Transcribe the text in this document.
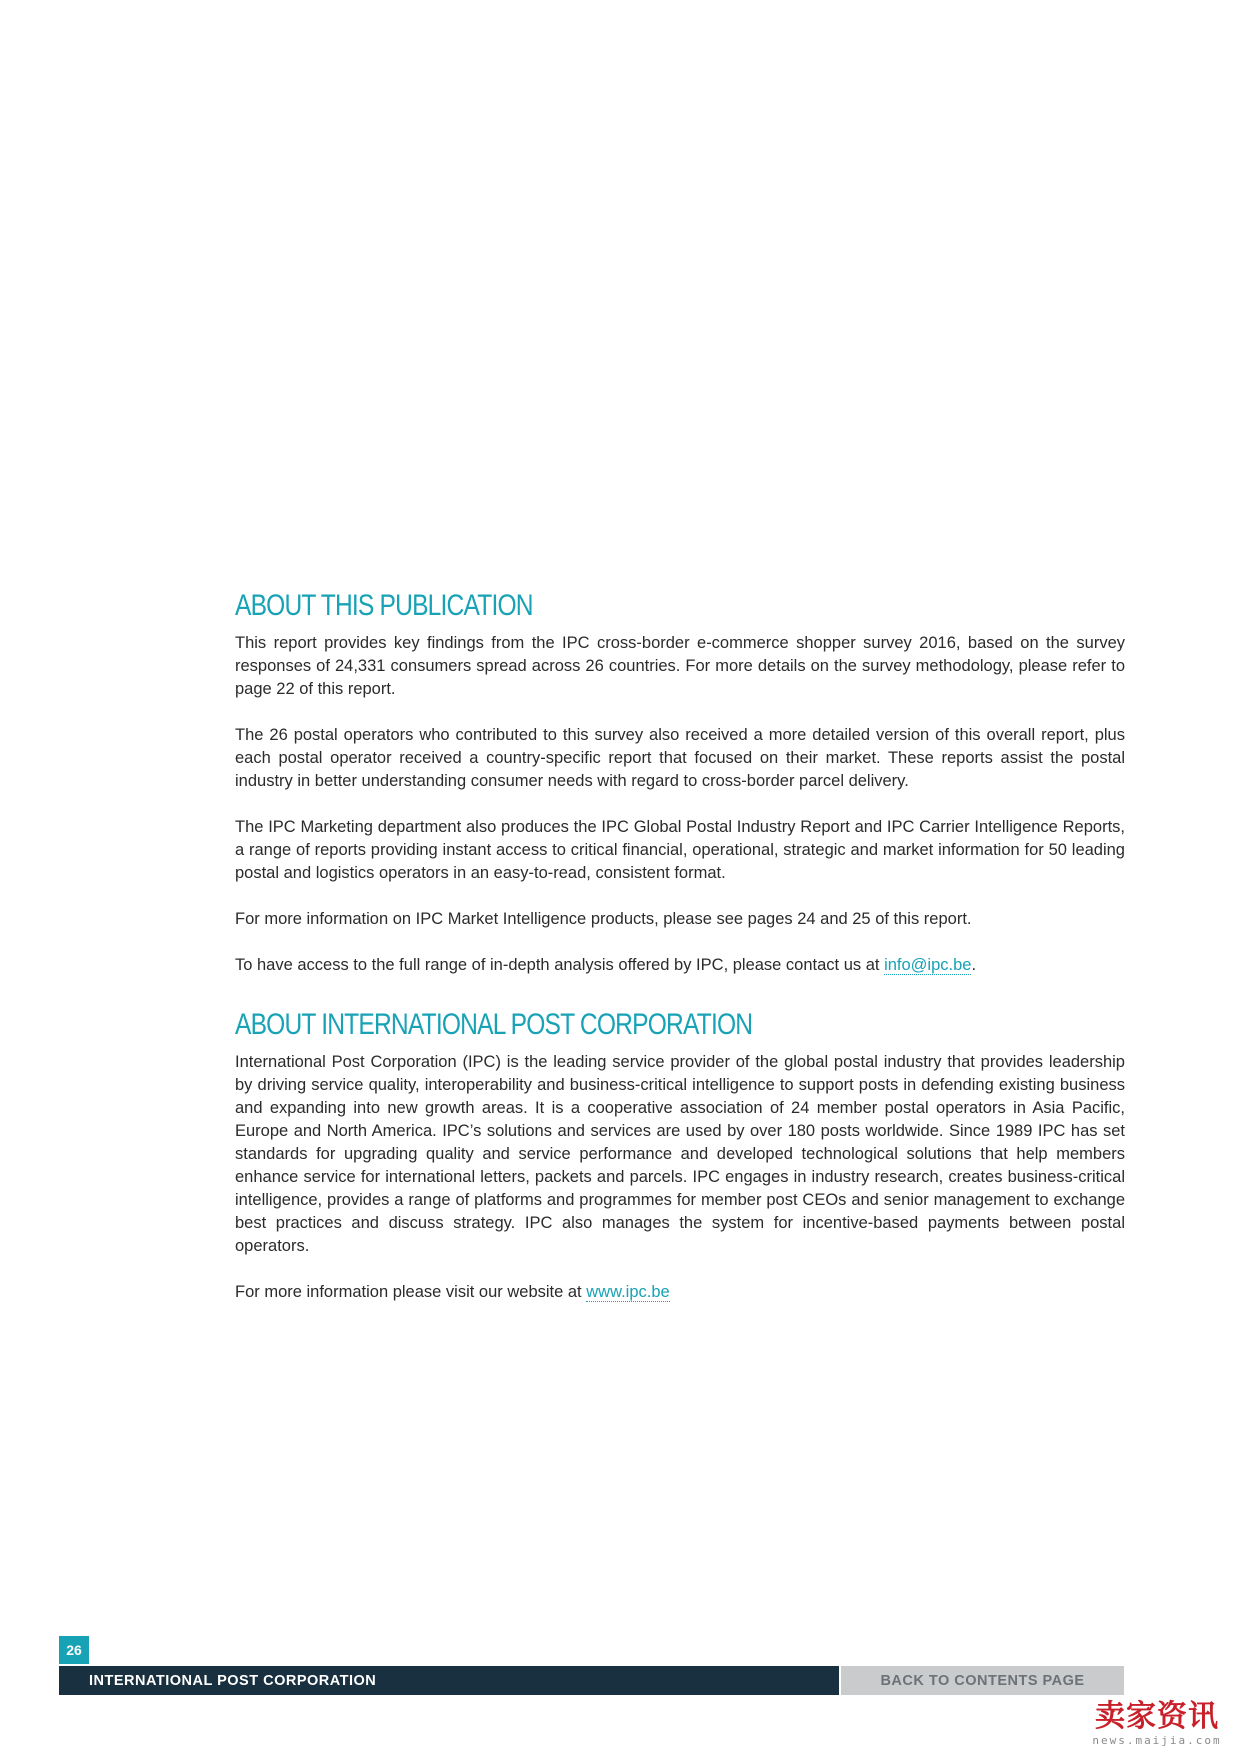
ABOUT THIS PUBLICATION

This report provides key findings from the IPC cross-border e-commerce shopper survey 2016, based on the survey responses of 24,331 consumers spread across 26 countries. For more details on the survey methodology, please refer to page 22 of this report.

The 26 postal operators who contributed to this survey also received a more detailed version of this overall report, plus each postal operator received a country-specific report that focused on their market. These reports assist the postal industry in better understanding consumer needs with regard to cross-border parcel delivery.

The IPC Marketing department also produces the IPC Global Postal Industry Report and IPC Carrier Intelligence Reports, a range of reports providing instant access to critical financial, operational, strategic and market information for 50 leading postal and logistics operators in an easy-to-read, consistent format.

For more information on IPC Market Intelligence products, please see pages 24 and 25 of this report.

To have access to the full range of in-depth analysis offered by IPC, please contact us at info@ipc.be.

ABOUT INTERNATIONAL POST CORPORATION

International Post Corporation (IPC) is the leading service provider of the global postal industry that provides leadership by driving service quality, interoperability and business-critical intelligence to support posts in defending existing business and expanding into new growth areas. It is a cooperative association of 24 member postal operators in Asia Pacific, Europe and North America. IPC’s solutions and services are used by over 180 posts worldwide. Since 1989 IPC has set standards for upgrading quality and service performance and developed technological solutions that help members enhance service for international letters, packets and parcels. IPC engages in industry research, creates business-critical intelligence, provides a range of platforms and programmes for member post CEOs and senior management to exchange best practices and discuss strategy. IPC also manages the system for incentive-based payments between postal operators.

For more information please visit our website at www.ipc.be

26
INTERNATIONAL POST CORPORATION	BACK TO CONTENTS PAGE
卖家资讯
news.maijia.com
